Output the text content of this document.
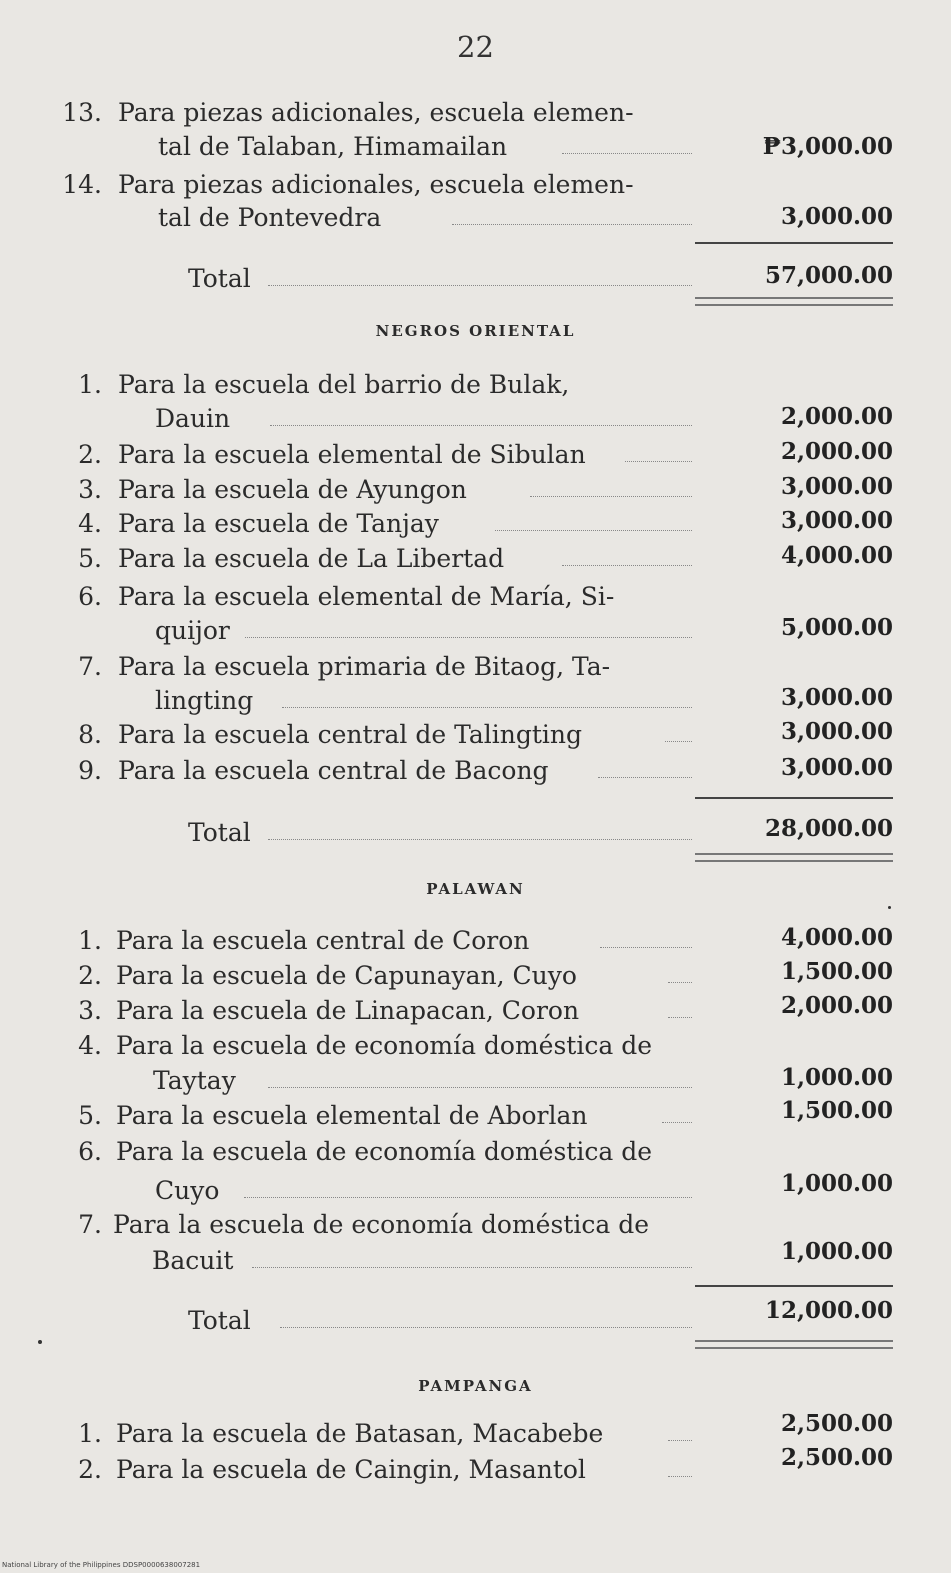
22
13. Para piezas adicionales, escuela elemen-
tal de Talaban, Himamailan	₱3,000.00
14. Para piezas adicionales, escuela elemen-
tal de Pontevedra	3,000.00
Total	57,000.00
NEGROS ORIENTAL
1. Para la escuela del barrio de Bulak,
Dauin	2,000.00
2. Para la escuela elemental de Sibulan	2,000.00
3. Para la escuela de Ayungon	3,000.00
4. Para la escuela de Tanjay	3,000.00
5. Para la escuela de La Libertad	4,000.00
6. Para la escuela elemental de María, Si-
quijor	5,000.00
7. Para la escuela primaria de Bitaog, Ta-
lingting	3,000.00
8. Para la escuela central de Talingting	3,000.00
9. Para la escuela central de Bacong	3,000.00
Total	28,000.00
PALAWAN
1. Para la escuela central de Coron	4,000.00
2. Para la escuela de Capunayan, Cuyo	1,500.00
3. Para la escuela de Linapacan, Coron	2,000.00
4. Para la escuela de economía doméstica de
Taytay	1,000.00
5. Para la escuela elemental de Aborlan	1,500.00
6. Para la escuela de economía doméstica de
Cuyo	1,000.00
7. Para la escuela de economía doméstica de
Bacuit	1,000.00
Total	12,000.00
PAMPANGA
1. Para la escuela de Batasan, Macabebe	2,500.00
2. Para la escuela de Caingin, Masantol	2,500.00
National Library of the Philippines DDSP0000638007281
